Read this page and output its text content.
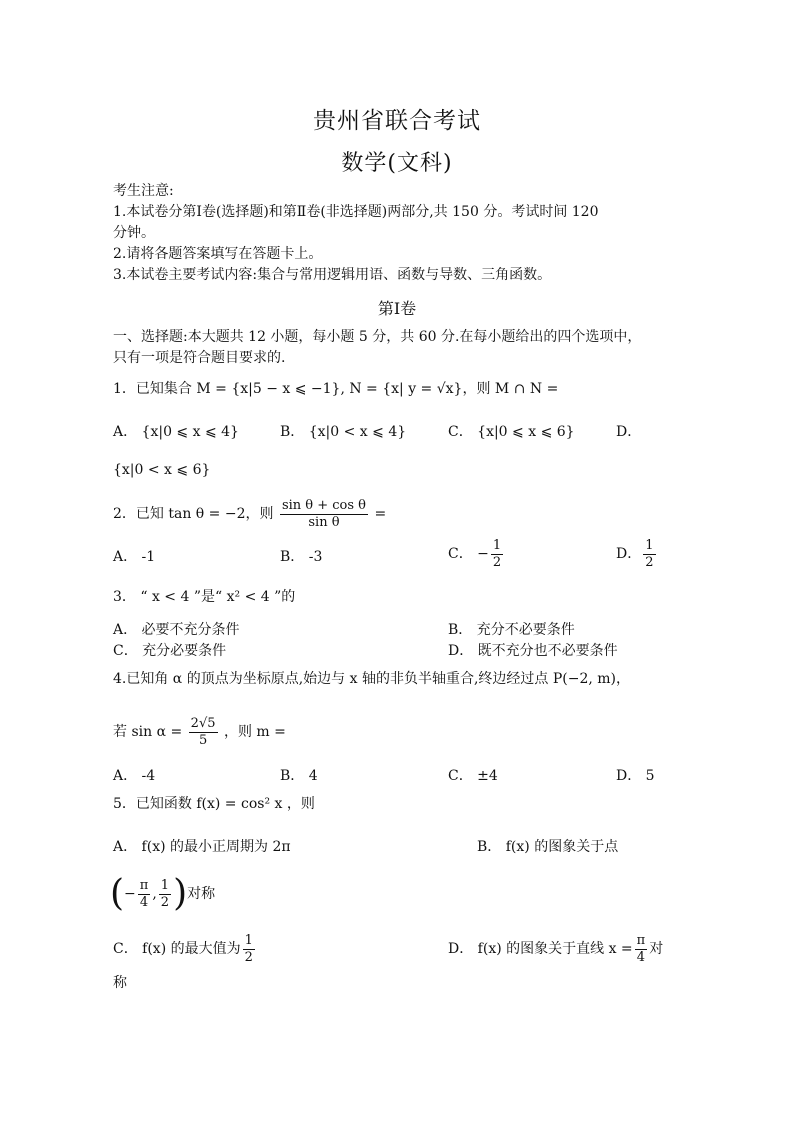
贵州省联合考试
数学(文科)
考生注意:
1.本试卷分第Ⅰ卷(选择题)和第Ⅱ卷(非选择题)两部分,共 150 分。考试时间 120
分钟。
2.请将各题答案填写在答题卡上。
3.本试卷主要考试内容:集合与常用逻辑用语、函数与导数、三角函数。
第Ⅰ卷
一、选择题:本大题共 12 小题，每小题 5 分，共 60 分.在每小题给出的四个选项中，
只有一项是符合题目要求的.
1．已知集合 M = {x|5 − x ⩽ −1}, N = {x| y = √x}，则 M ∩ N =
A． {x|0 ⩽ x ⩽ 4}	B． {x|0 < x ⩽ 4}	C． {x|0 ⩽ x ⩽ 6}	D．
{x|0 < x ⩽ 6}
2．已知 tan θ = −2，则 $\frac{\text{sin θ + cos θ}}{\text{sin θ}}$ =
A． -1	B． -3	C． − $\frac{1}{2}$	D． $\frac{1}{2}$
3． “ x < 4 ”是“ x² < 4 ”的
A． 必要不充分条件	B． 充分不必要条件
C． 充分必要条件	D． 既不充分也不必要条件
4.已知角 α 的顶点为坐标原点,始边与 x 轴的非负半轴重合,终边经过点 P(−2, m)，
若 $\sin \alpha = \frac{2√5}{5}$ ，则 m =
A． -4	B． 4	C． ±4	D． 5
5．已知函数 f(x) = cos² x ，则
A． f(x) 的最小正周期为 2π	B． f(x) 的图象关于点
(− $\frac{\pi}{4}$ , $\frac{1}{2}$ )对称
C． f(x) 的最大值为 $\frac{1}{2}$	D． f(x) 的图象关于直线 $x = \frac{\pi}{4}$ 对
称
